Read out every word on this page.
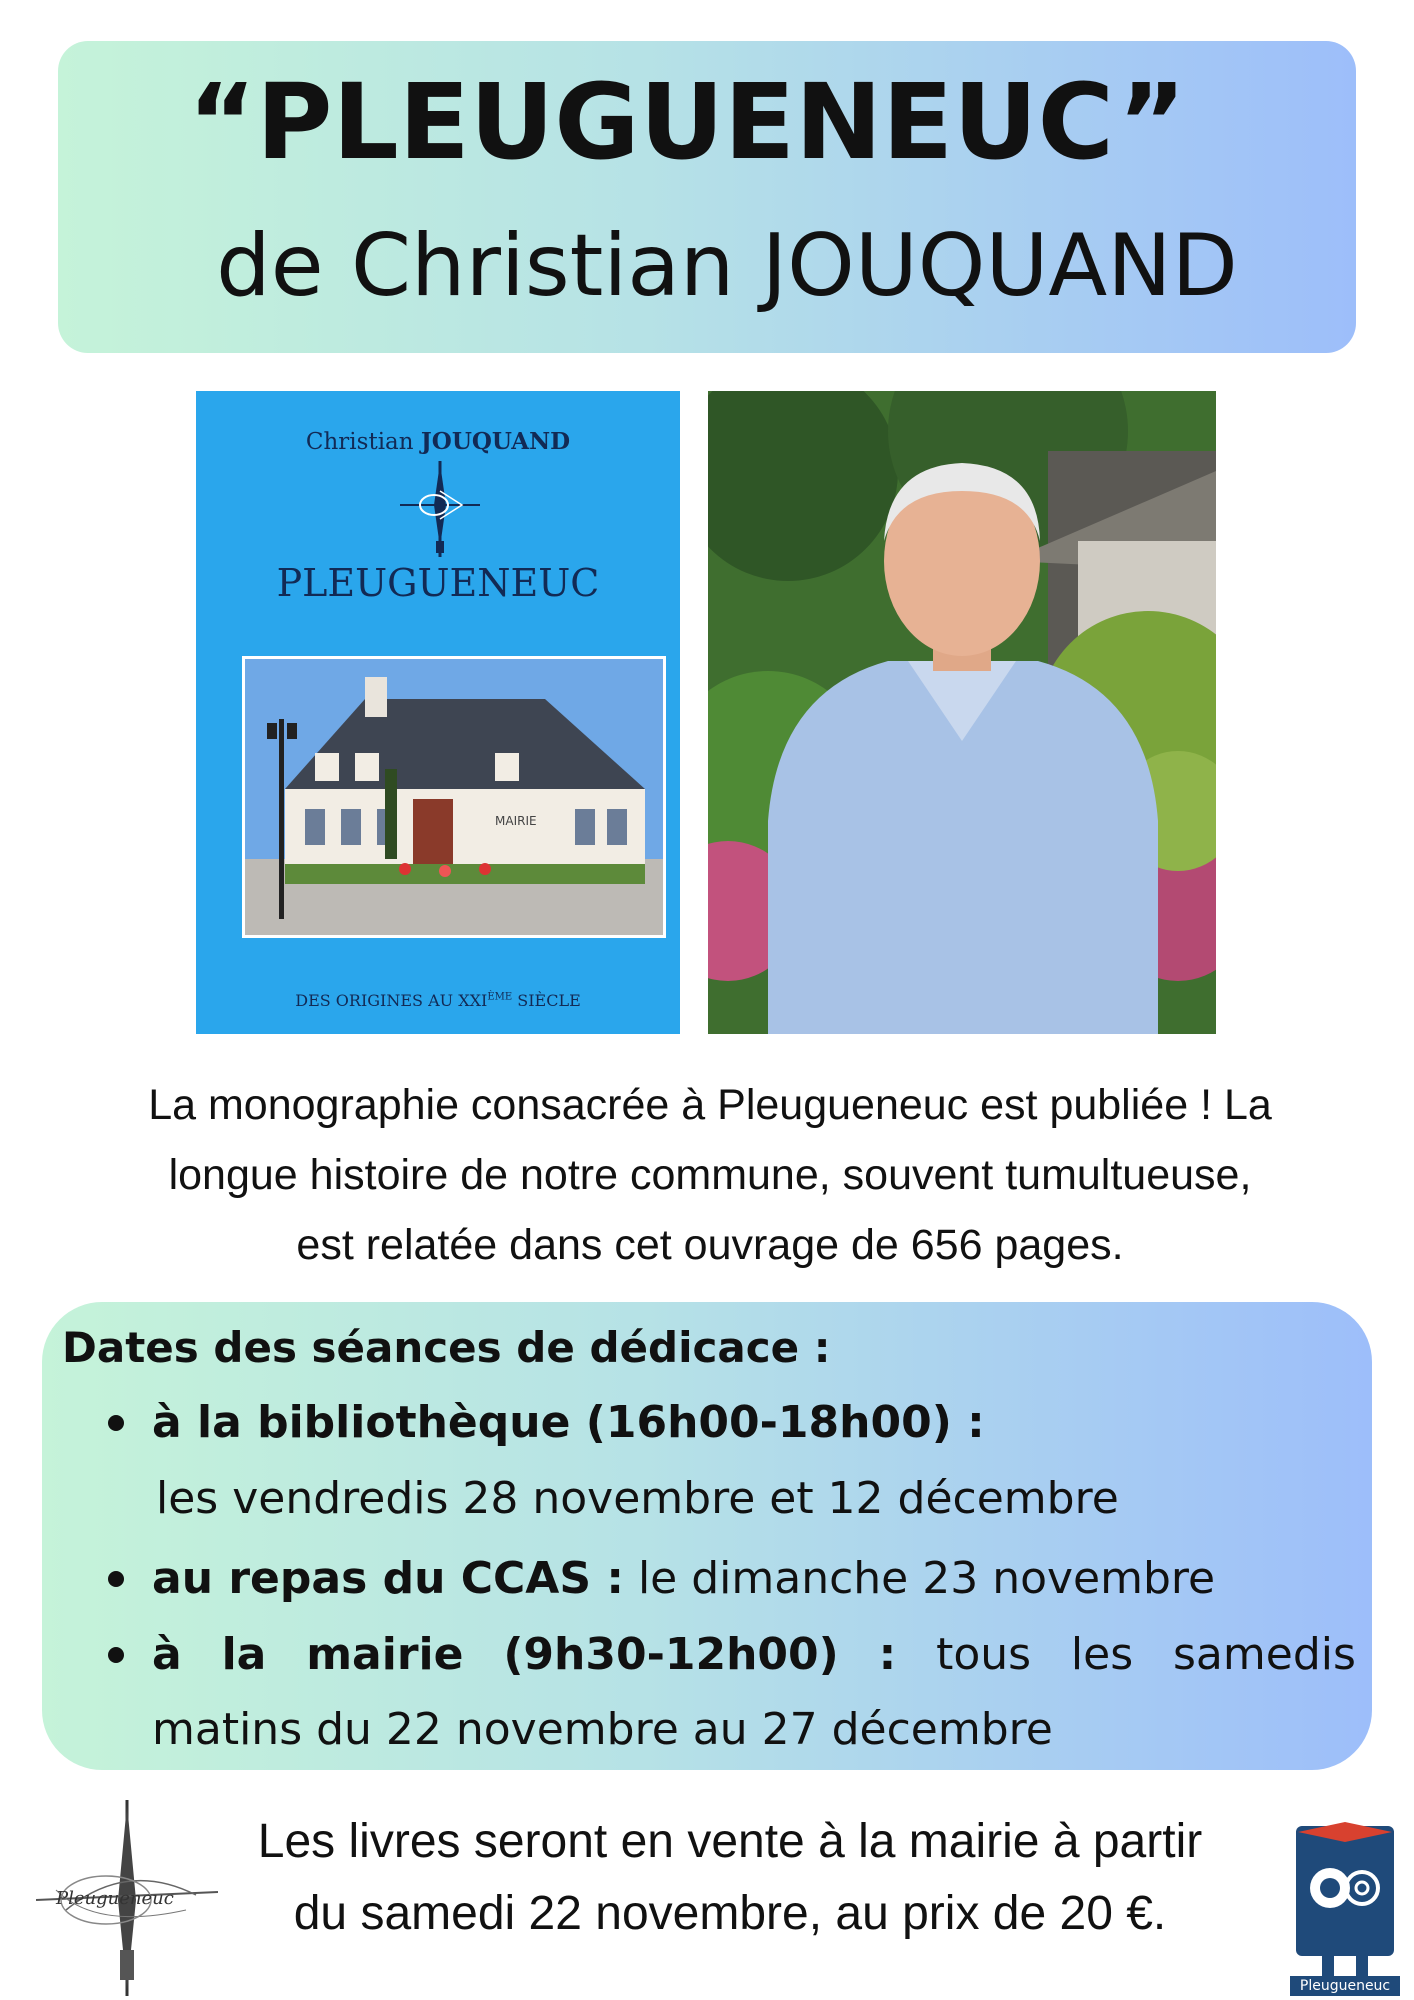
“PLEUGUENEUC”
de Christian JOUQUAND
Christian JOUQUAND
PLEUGUENEUC
MAIRIE
DES ORIGINES AU XXIÈME SIÈCLE
La monographie consacrée à Pleugueneuc est publiée ! La
longue histoire de notre commune, souvent tumultueuse,
est relatée dans cet ouvrage de 656 pages.
Dates des séances de dédicace :
à la bibliothèque (16h00-18h00) :
les vendredis 28 novembre et 12 décembre
au repas du CCAS : le dimanche 23 novembre
à la mairie (9h30-12h00) : tous les samedis
matins du 22 novembre au 27 décembre
Les livres seront en vente à la mairie à partir
du samedi 22 novembre, au prix de 20 €.
Pleugueneuc
Pleugueneuc
